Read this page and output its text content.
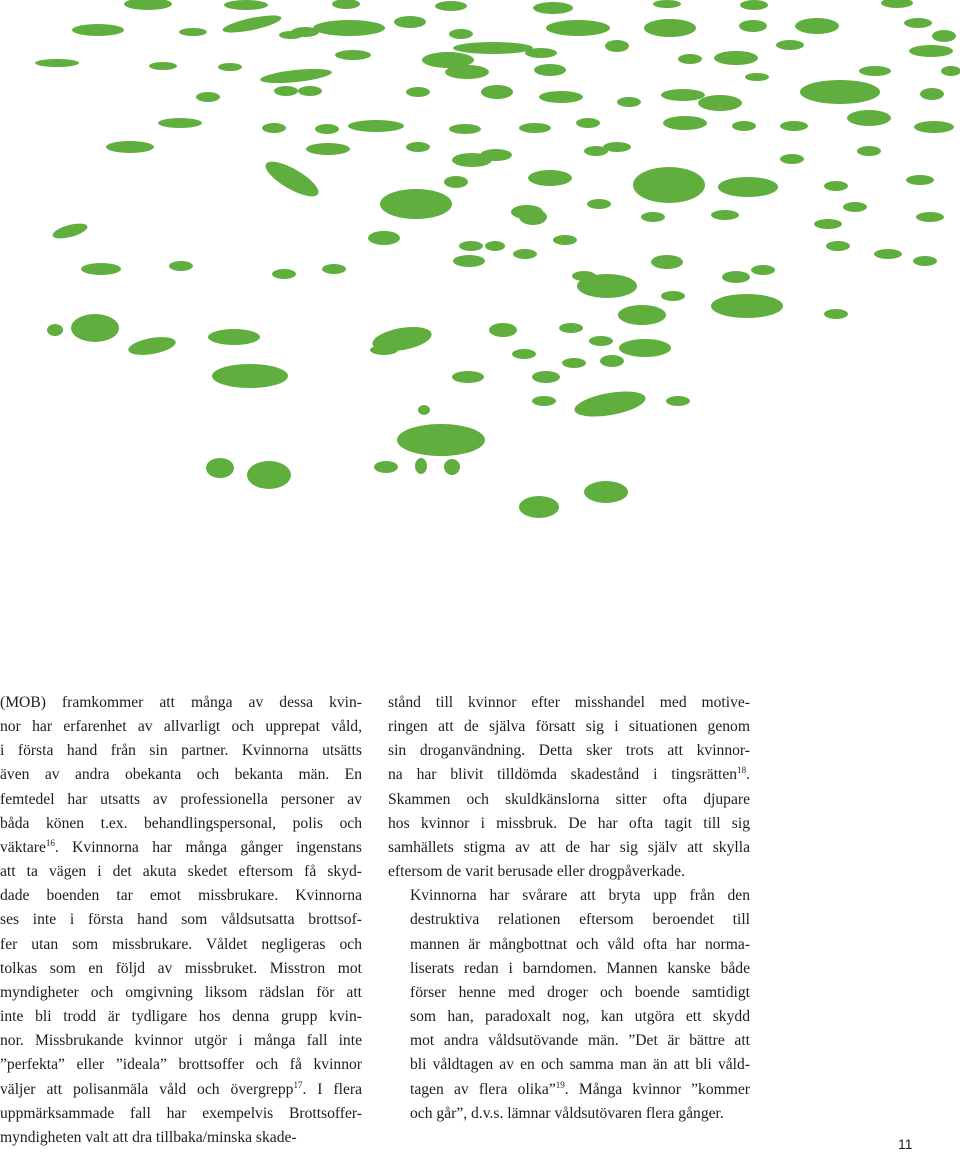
(MOB) framkommer att många av dessa kvin-
nor har erfarenhet av allvarligt och upprepat våld,
i första hand från sin partner. Kvinnorna utsätts
även av andra obekanta och bekanta män. En
femtedel har utsatts av professionella personer av
båda könen t.ex. behandlingspersonal, polis och
väktare$^{16}$. Kvinnorna har många gånger ingenstans
att ta vägen i det akuta skedet eftersom få skyd-
dade boenden tar emot missbrukare. Kvinnorna
ses inte i första hand som våldsutsatta brottsof-
fer utan som missbrukare. Våldet negligeras och
tolkas som en följd av missbruket. Misstron mot
myndigheter och omgivning liksom rädslan för att
inte bli trodd är tydligare hos denna grupp kvin-
nor. Missbrukande kvinnor utgör i många fall inte
”perfekta” eller ”ideala” brottsoffer och få kvinnor
väljer att polisanmäla våld och övergrepp$^{17}$. I flera
uppmärksammade fall har exempelvis Brottsoffer-
myndigheten valt att dra tillbaka/minska skade-

stånd till kvinnor efter misshandel med motive-
ringen att de själva försatt sig i situationen genom
sin droganvändning. Detta sker trots att kvinnor-
na har blivit tilldömda skadestånd i tingsrätten$^{18}$.
Skammen och skuldkänslorna sitter ofta djupare
hos kvinnor i missbruk. De har ofta tagit till sig
samhällets stigma av att de har sig själv att skylla
eftersom de varit berusade eller drogpåverkade.

Kvinnorna har svårare att bryta upp från den
destruktiva relationen eftersom beroendet till
mannen är mångbottnat och våld ofta har norma-
liserats redan i barndomen. Mannen kanske både
förser henne med droger och boende samtidigt
som han, paradoxalt nog, kan utgöra ett skydd
mot andra våldsutövande män. ”Det är bättre att
bli våldtagen av en och samma man än att bli våld-
tagen av flera olika”$^{19}$. Många kvinnor ”kommer
och går”, d.v.s. lämnar våldsutövaren flera gånger.

11
